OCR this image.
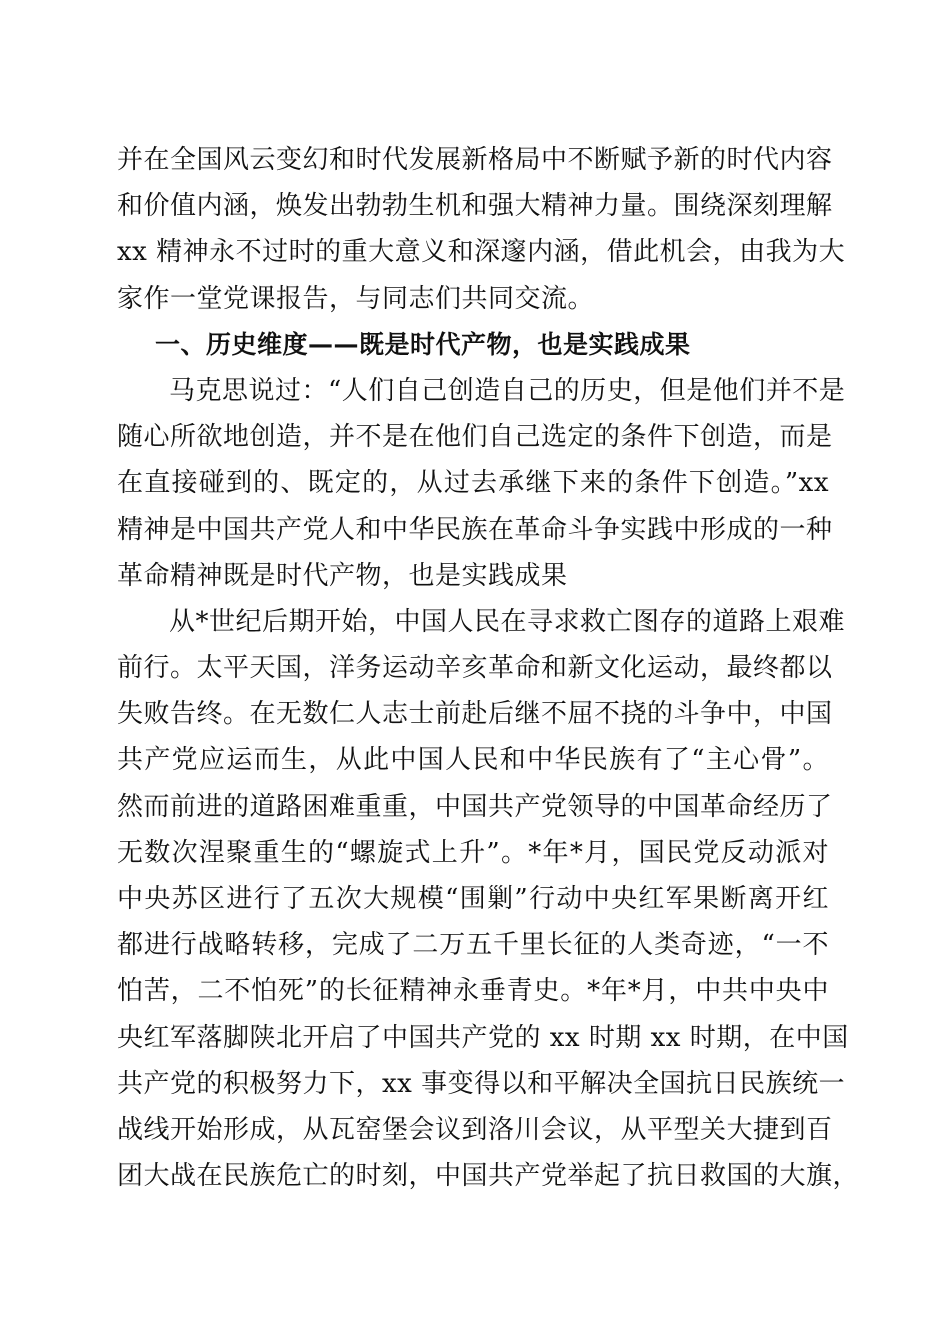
并在全国风云变幻和时代发展新格局中不断赋予新的时代内容
和价值内涵，焕发出勃勃生机和强大精神力量。围绕深刻理解
xx 精神永不过时的重大意义和深邃内涵，借此机会，由我为大
家作一堂党课报告，与同志们共同交流。
一、历史维度——既是时代产物，也是实践成果
马克思说过：“人们自己创造自己的历史，但是他们并不是
随心所欲地创造，并不是在他们自己选定的条件下创造，而是
在直接碰到的、既定的，从过去承继下来的条件下创造。”xx
精神是中国共产党人和中华民族在革命斗争实践中形成的一种
革命精神既是时代产物，也是实践成果
从*世纪后期开始，中国人民在寻求救亡图存的道路上艰难
前行。太平天国，洋务运动辛亥革命和新文化运动，最终都以
失败告终。在无数仁人志士前赴后继不屈不挠的斗争中，中国
共产党应运而生，从此中国人民和中华民族有了“主心骨”。
然而前进的道路困难重重，中国共产党领导的中国革命经历了
无数次涅聚重生的“螺旋式上升”。*年*月，国民党反动派对
中央苏区进行了五次大规模“围剿”行动中央红军果断离开红
都进行战略转移，完成了二万五千里长征的人类奇迹，“一不
怕苦，二不怕死”的长征精神永垂青史。*年*月，中共中央中
央红军落脚陕北开启了中国共产党的 xx 时期 xx 时期，在中国
共产党的积极努力下，xx 事变得以和平解决全国抗日民族统一
战线开始形成，从瓦窑堡会议到洛川会议，从平型关大捷到百
团大战在民族危亡的时刻，中国共产党举起了抗日救国的大旗，
